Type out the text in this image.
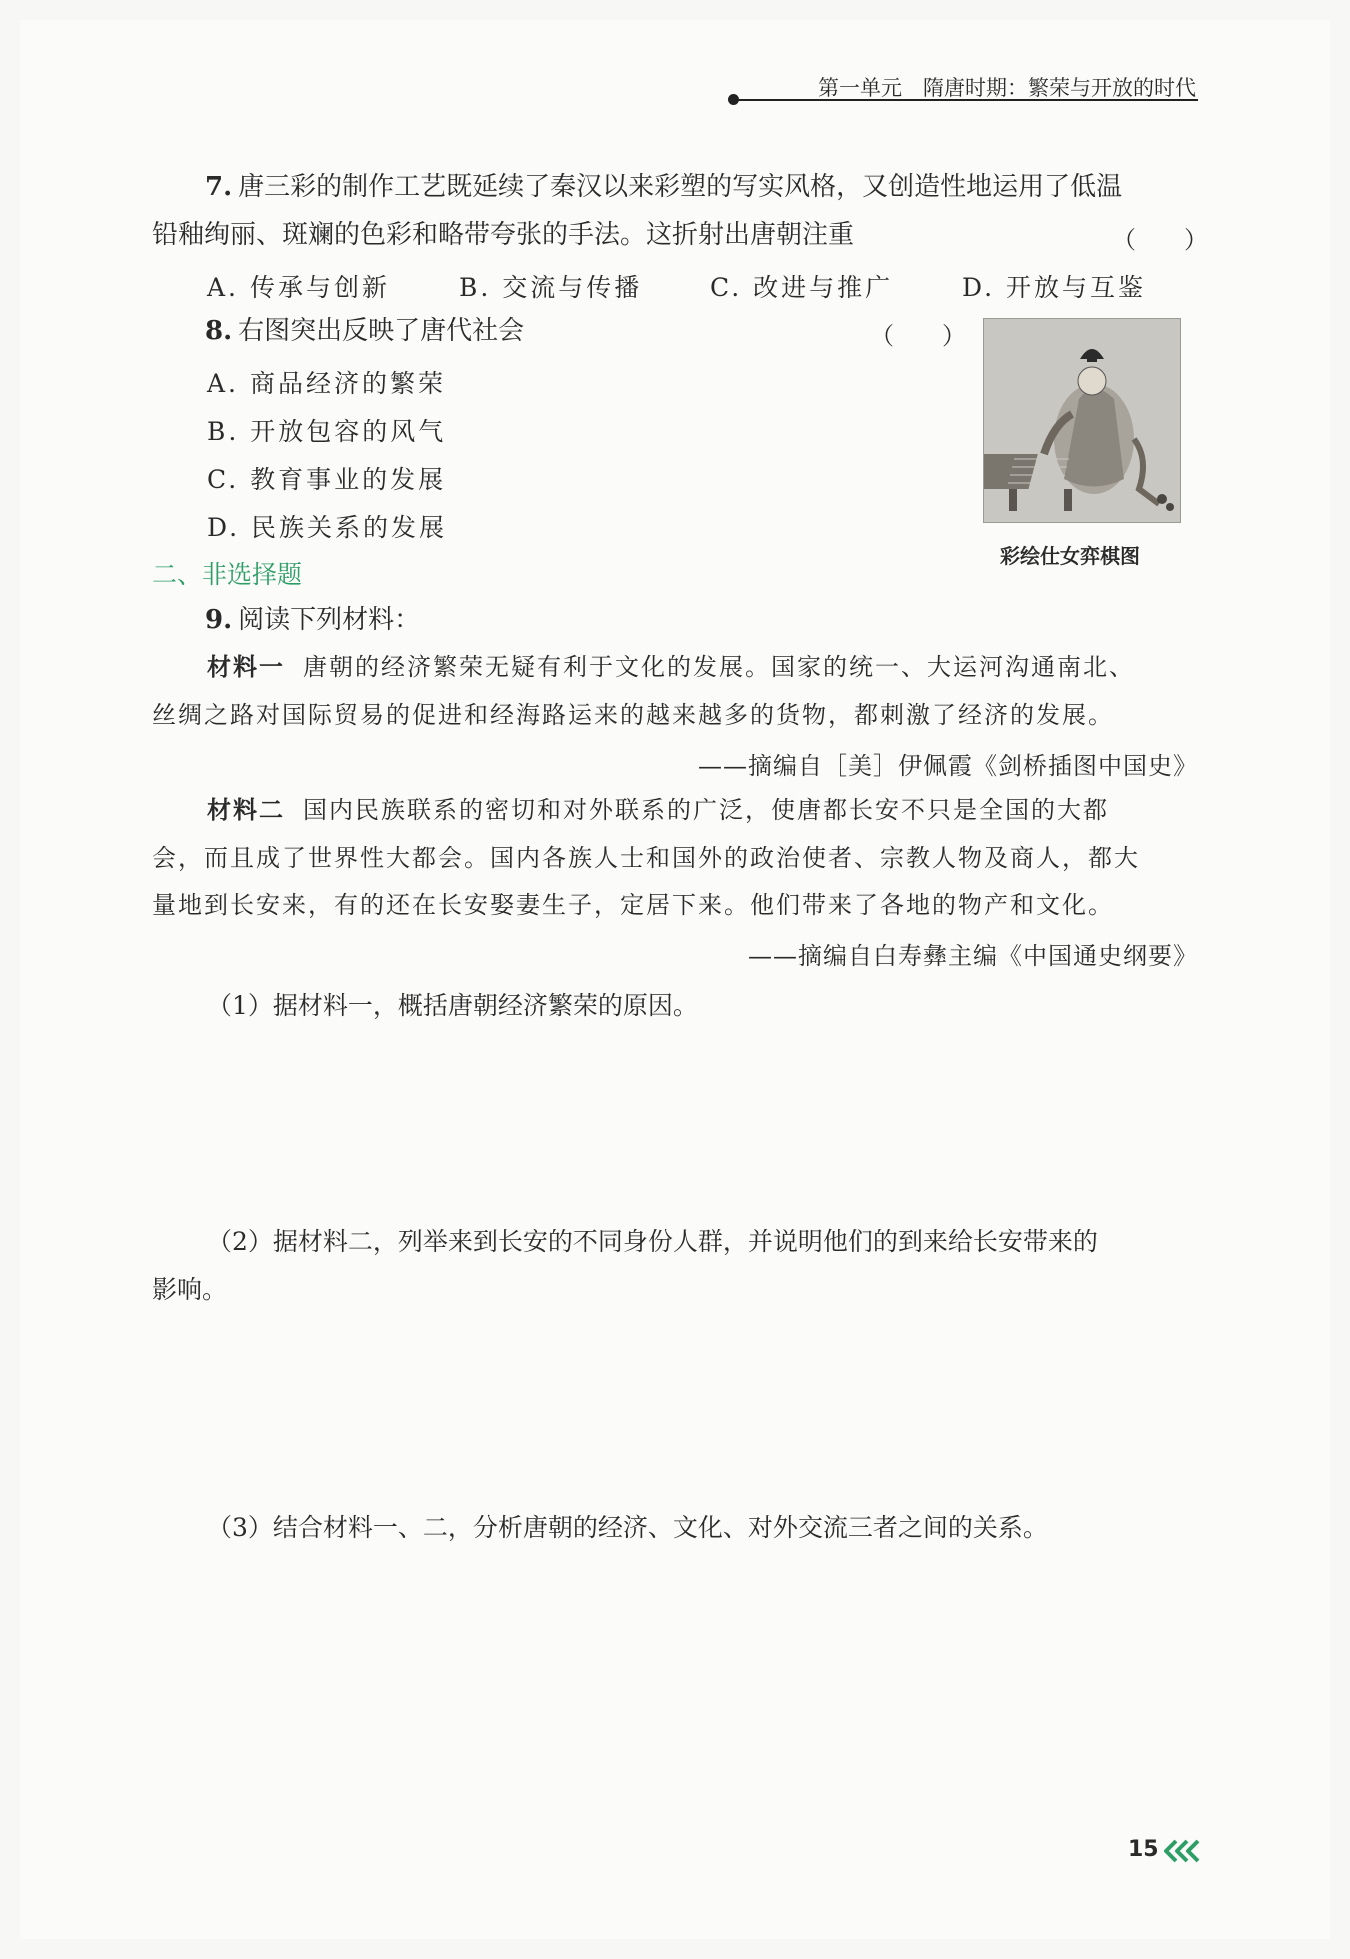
第一单元　隋唐时期：繁荣与开放的时代
7. 唐三彩的制作工艺既延续了秦汉以来彩塑的写实风格，又创造性地运用了低温
铅釉绚丽、斑斓的色彩和略带夸张的手法。这折射出唐朝注重	（　　）
A. 传承与创新	B. 交流与传播	C. 改进与推广	D. 开放与互鉴
8. 右图突出反映了唐代社会	（　　）
A. 商品经济的繁荣
B. 开放包容的风气
C. 教育事业的发展
D. 民族关系的发展
彩绘仕女弈棋图
二、非选择题
9. 阅读下列材料：
材料一 唐朝的经济繁荣无疑有利于文化的发展。国家的统一、大运河沟通南北、
丝绸之路对国际贸易的促进和经海路运来的越来越多的货物，都刺激了经济的发展。
——摘编自［美］伊佩霞《剑桥插图中国史》
材料二 国内民族联系的密切和对外联系的广泛，使唐都长安不只是全国的大都
会，而且成了世界性大都会。国内各族人士和国外的政治使者、宗教人物及商人，都大
量地到长安来，有的还在长安娶妻生子，定居下来。他们带来了各地的物产和文化。
——摘编自白寿彝主编《中国通史纲要》
（1）据材料一，概括唐朝经济繁荣的原因。
（2）据材料二，列举来到长安的不同身份人群，并说明他们的到来给长安带来的
影响。
（3）结合材料一、二，分析唐朝的经济、文化、对外交流三者之间的关系。
15
